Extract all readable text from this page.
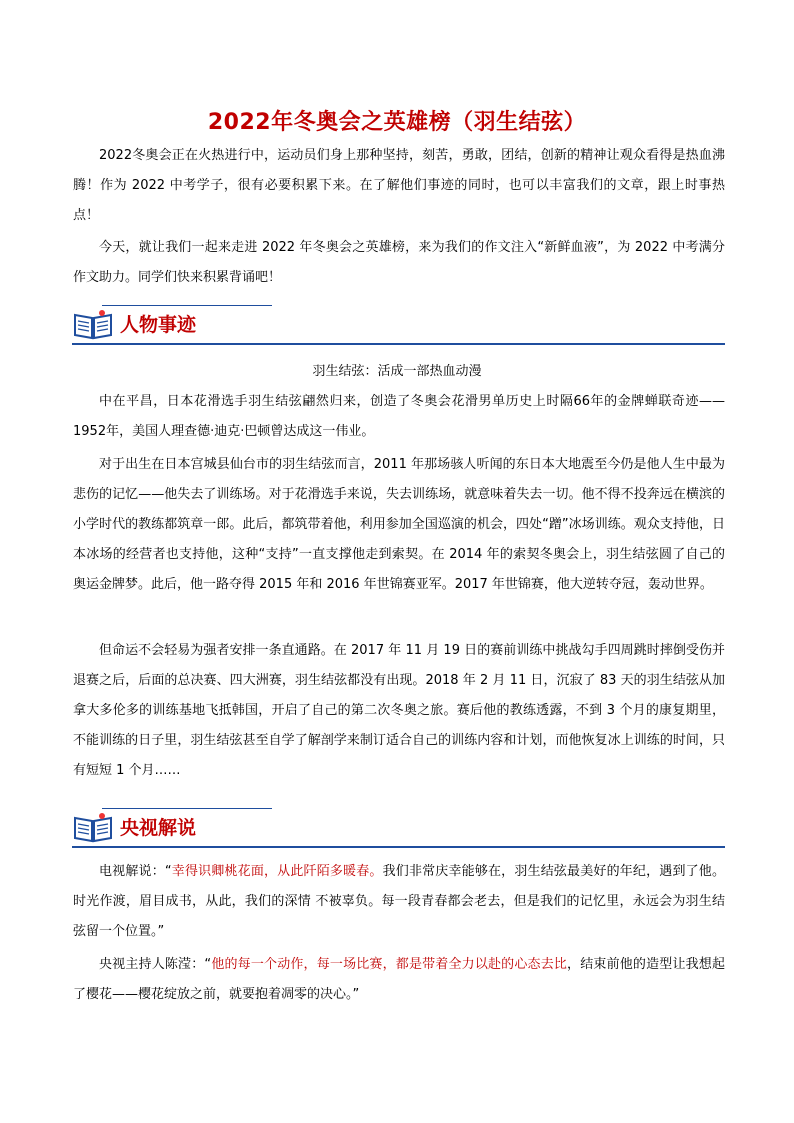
2022年冬奥会之英雄榜（羽生结弦）

2022冬奥会正在火热进行中，运动员们身上那种坚持，刻苦，勇敢，团结，创新的精神让观众看得是热血沸腾！作为 2022 中考学子，很有必要积累下来。在了解他们事迹的同时，也可以丰富我们的文章，跟上时事热点！

今天，就让我们一起来走进 2022 年冬奥会之英雄榜，来为我们的作文注入“新鲜血液”，为 2022 中考满分作文助力。同学们快来积累背诵吧！

人物事迹

羽生结弦：活成一部热血动漫

中在平昌，日本花滑选手羽生结弦翩然归来，创造了冬奥会花滑男单历史上时隔66年的金牌蝉联奇迹——1952年，美国人理查德·迪克·巴顿曾达成这一伟业。

对于出生在日本宫城县仙台市的羽生结弦而言，2011 年那场骇人听闻的东日本大地震至今仍是他人生中最为悲伤的记忆——他失去了训练场。对于花滑选手来说，失去训练场，就意味着失去一切。他不得不投奔远在横滨的小学时代的教练都筑章一郎。此后，都筑带着他，利用参加全国巡演的机会，四处“蹭”冰场训练。观众支持他，日本冰场的经营者也支持他，这种“支持”一直支撑他走到索契。在 2014 年的索契冬奥会上，羽生结弦圆了自己的奥运金牌梦。此后，他一路夺得 2015 年和 2016 年世锦赛亚军。2017 年世锦赛，他大逆转夺冠，轰动世界。

但命运不会轻易为强者安排一条直通路。在 2017 年 11 月 19 日的赛前训练中挑战勾手四周跳时摔倒受伤并退赛之后，后面的总决赛、四大洲赛，羽生结弦都没有出现。2018 年 2 月 11 日，沉寂了 83 天的羽生结弦从加拿大多伦多的训练基地飞抵韩国，开启了自己的第二次冬奥之旅。赛后他的教练透露，不到 3 个月的康复期里，不能训练的日子里，羽生结弦甚至自学了解剖学来制订适合自己的训练内容和计划，而他恢复冰上训练的时间，只有短短 1 个月……

央视解说

电视解说：“幸得识卿桃花面，从此阡陌多暖春。我们非常庆幸能够在，羽生结弦最美好的年纪，遇到了他。时光作渡，眉目成书，从此，我们的深情 不被辜负。每一段青春都会老去，但是我们的记忆里，永远会为羽生结弦留一个位置。”

央视主持人陈滢：“他的每一个动作，每一场比赛，都是带着全力以赴的心态去比，结束前他的造型让我想起了樱花——樱花绽放之前，就要抱着凋零的决心。”
